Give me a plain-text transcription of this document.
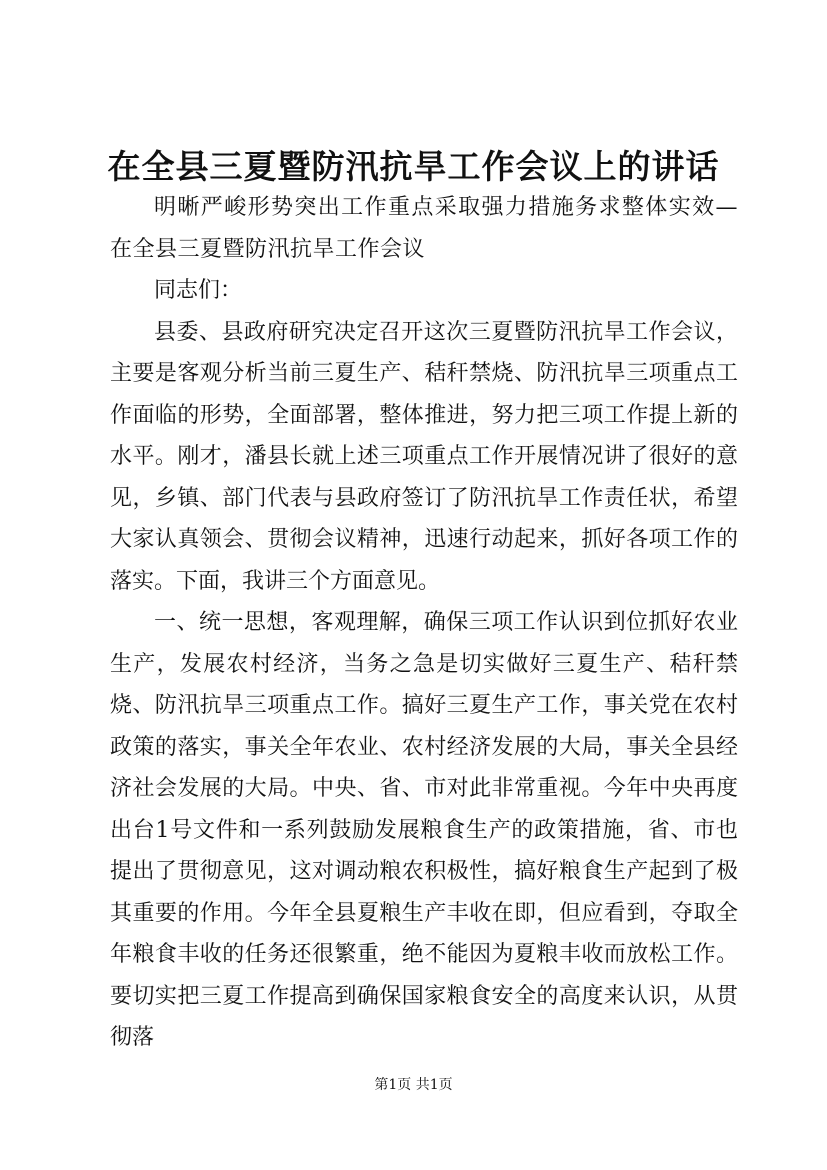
在全县三夏暨防汛抗旱工作会议上的讲话

明晰严峻形势突出工作重点采取强力措施务求整体实效—在全县三夏暨防汛抗旱工作会议

同志们：

县委、县政府研究决定召开这次三夏暨防汛抗旱工作会议，主要是客观分析当前三夏生产、秸秆禁烧、防汛抗旱三项重点工作面临的形势，全面部署，整体推进，努力把三项工作提上新的水平。刚才，潘县长就上述三项重点工作开展情况讲了很好的意见，乡镇、部门代表与县政府签订了防汛抗旱工作责任状，希望大家认真领会、贯彻会议精神，迅速行动起来，抓好各项工作的落实。下面，我讲三个方面意见。

一、统一思想，客观理解，确保三项工作认识到位抓好农业生产，发展农村经济，当务之急是切实做好三夏生产、秸秆禁烧、防汛抗旱三项重点工作。搞好三夏生产工作，事关党在农村政策的落实，事关全年农业、农村经济发展的大局，事关全县经济社会发展的大局。中央、省、市对此非常重视。今年中央再度出台1号文件和一系列鼓励发展粮食生产的政策措施，省、市也提出了贯彻意见，这对调动粮农积极性，搞好粮食生产起到了极其重要的作用。今年全县夏粮生产丰收在即，但应看到，夺取全年粮食丰收的任务还很繁重，绝不能因为夏粮丰收而放松工作。要切实把三夏工作提高到确保国家粮食安全的高度来认识，从贯彻落

第1页 共1页
